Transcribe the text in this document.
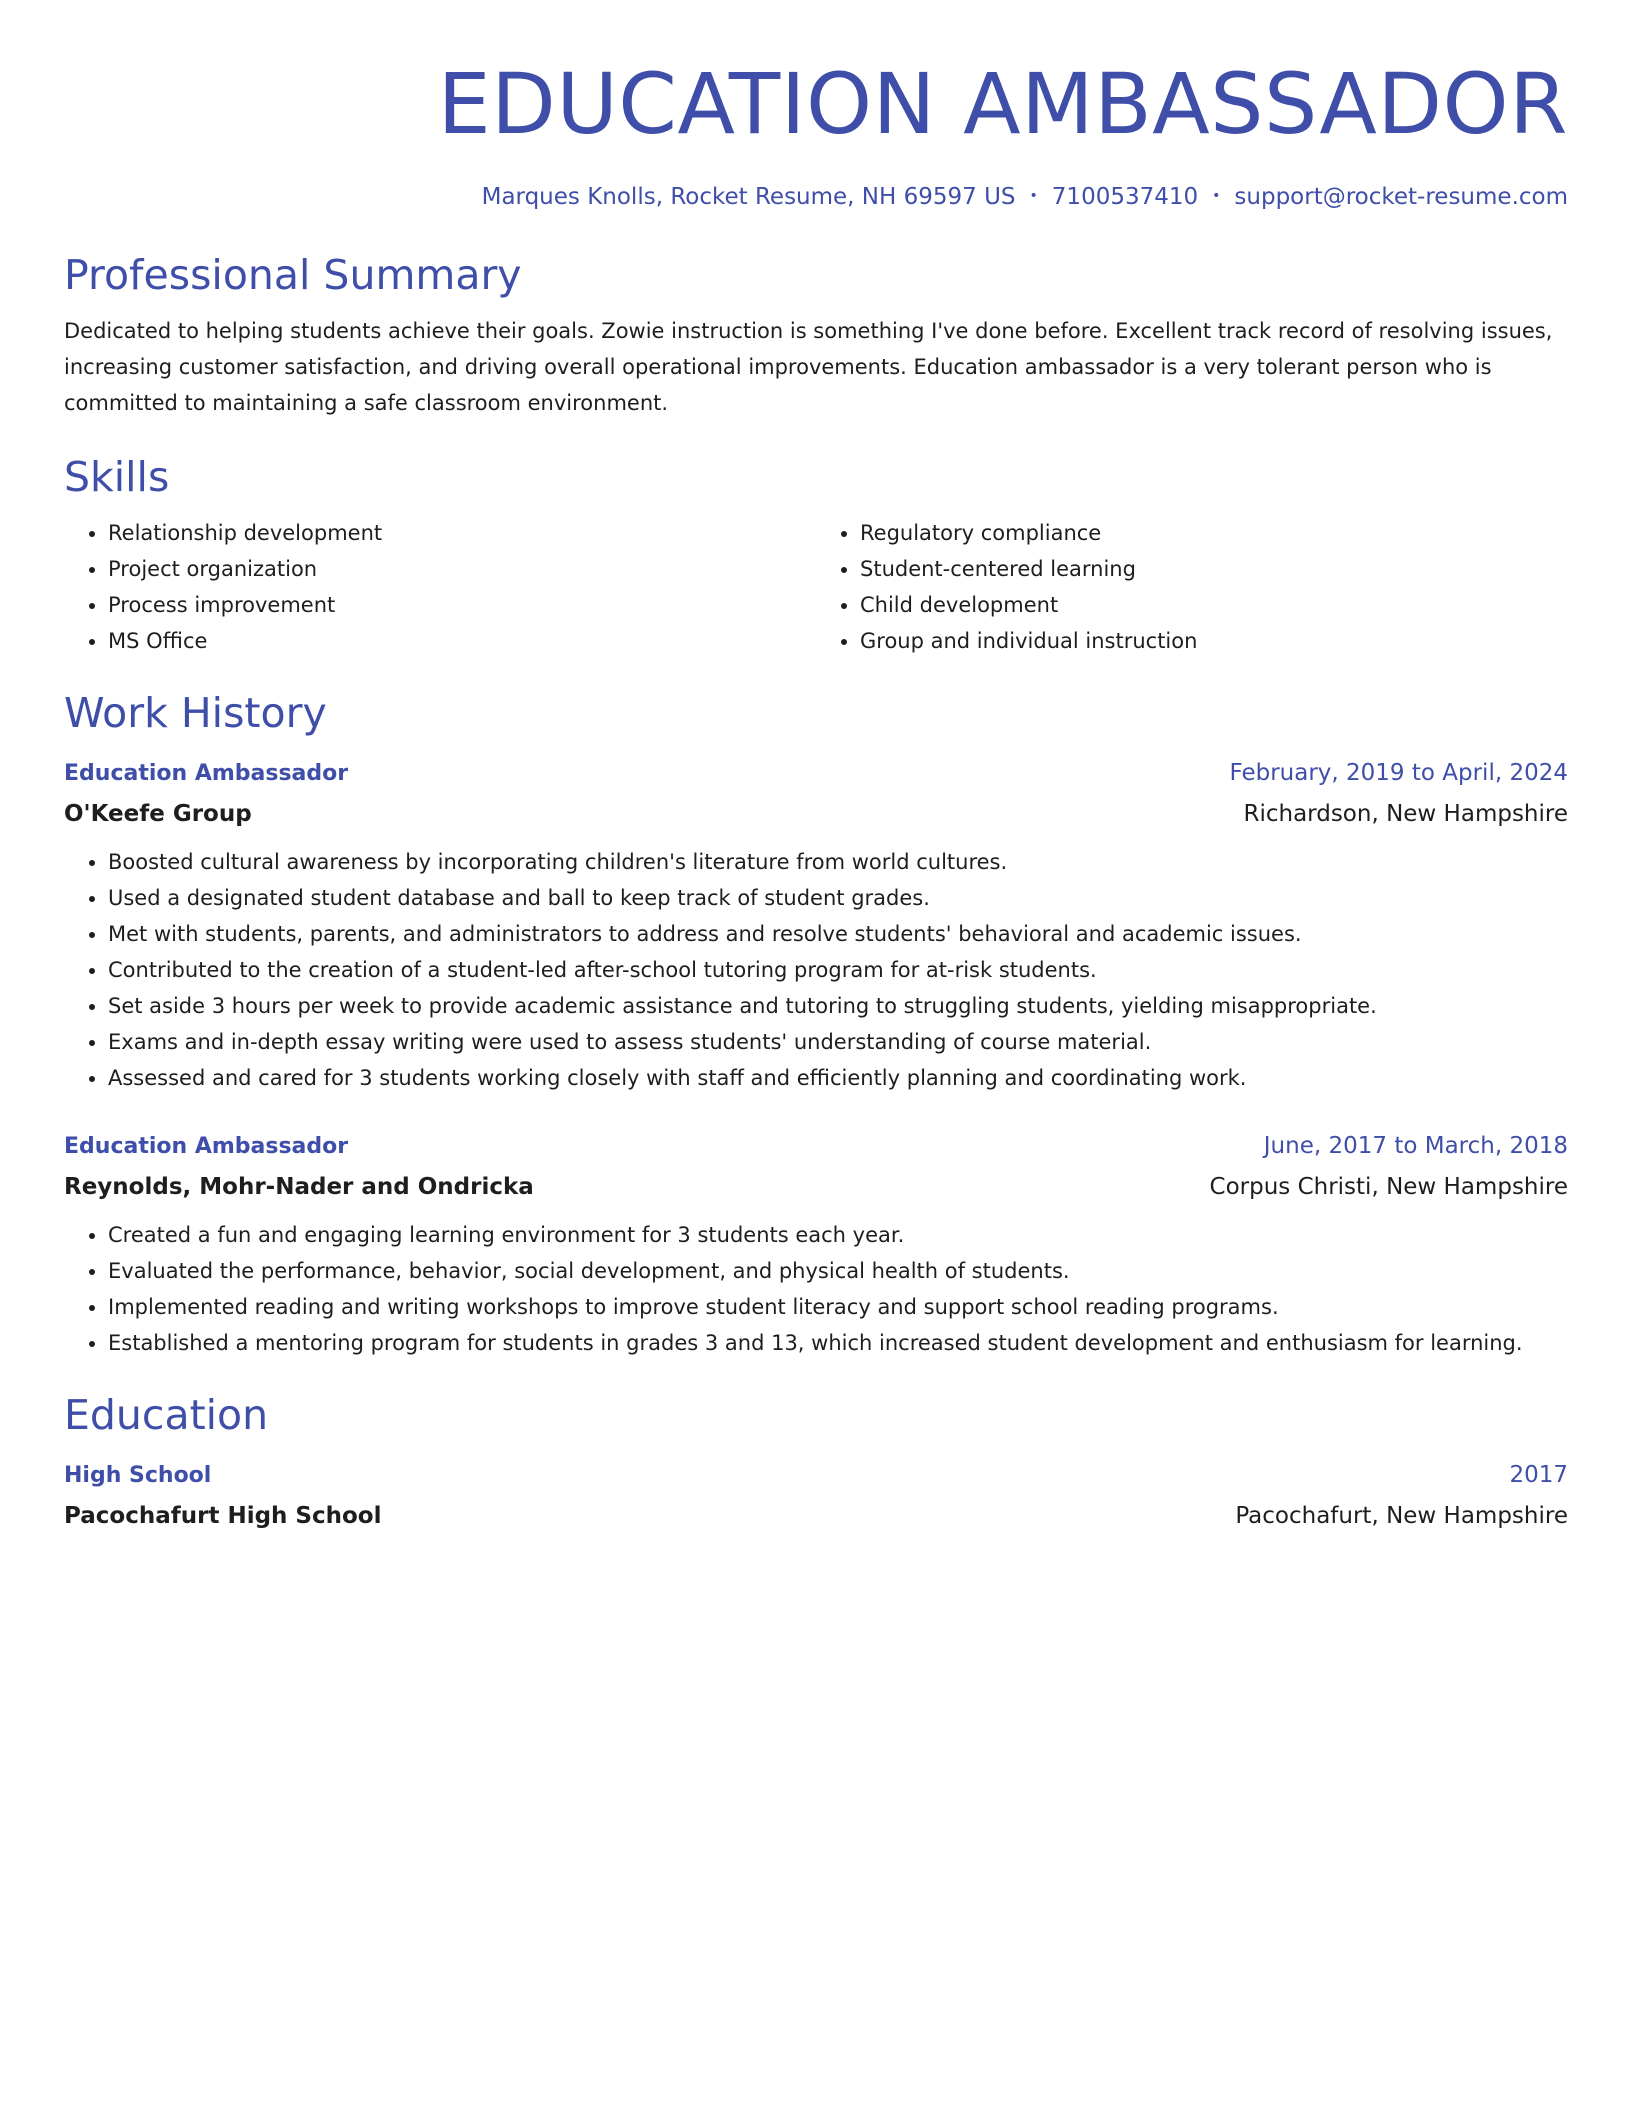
EDUCATION AMBASSADOR
Marques Knolls, Rocket Resume, NH 69597 US • 7100537410 • support@rocket-resume.com
Professional Summary

Dedicated to helping students achieve their goals. Zowie instruction is something I've done before. Excellent track record of resolving issues, increasing customer satisfaction, and driving overall operational improvements. Education ambassador is a very tolerant person who is committed to maintaining a safe classroom environment.

Skills
• Relationship development
• Project organization
• Process improvement
• MS Office
• Regulatory compliance
• Student-centered learning
• Child development
• Group and individual instruction
Work History
Education Ambassador	February, 2019 to April, 2024
O'Keefe Group	Richardson, New Hampshire
• Boosted cultural awareness by incorporating children's literature from world cultures.
• Used a designated student database and ball to keep track of student grades.
• Met with students, parents, and administrators to address and resolve students' behavioral and academic issues.
• Contributed to the creation of a student-led after-school tutoring program for at-risk students.
• Set aside 3 hours per week to provide academic assistance and tutoring to struggling students, yielding misappropriate.
• Exams and in-depth essay writing were used to assess students' understanding of course material.
• Assessed and cared for 3 students working closely with staff and efficiently planning and coordinating work.
Education Ambassador	June, 2017 to March, 2018
Reynolds, Mohr-Nader and Ondricka	Corpus Christi, New Hampshire
• Created a fun and engaging learning environment for 3 students each year.
• Evaluated the performance, behavior, social development, and physical health of students.
• Implemented reading and writing workshops to improve student literacy and support school reading programs.
• Established a mentoring program for students in grades 3 and 13, which increased student development and enthusiasm for learning.
Education
High School	2017
Pacochafurt High School	Pacochafurt, New Hampshire
